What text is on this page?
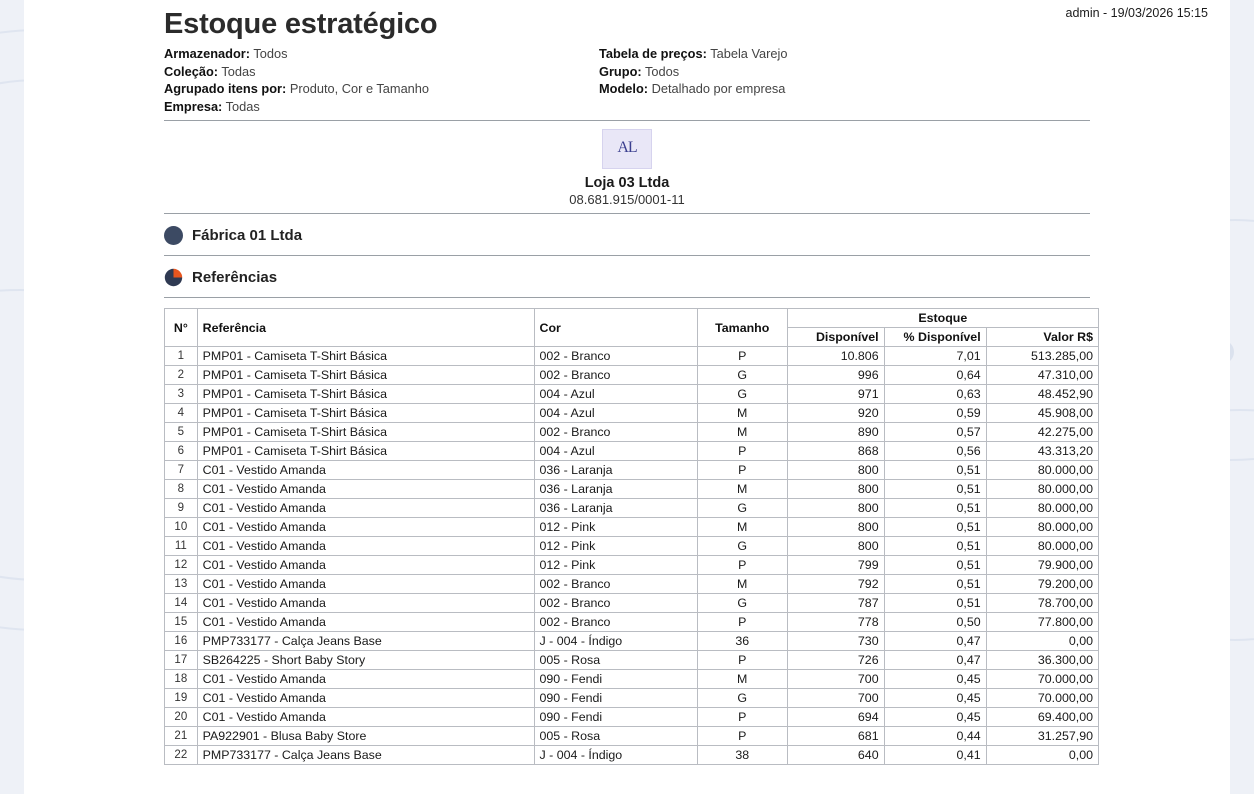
admin - 19/03/2026 15:15
Estoque estratégico
Armazenador: Todos
Coleção: Todas
Agrupado itens por: Produto, Cor e Tamanho
Empresa: Todas
Tabela de preços: Tabela Varejo
Grupo: Todos
Modelo: Detalhado por empresa
AL
Loja 03 Ltda
08.681.915/0001-11
Fábrica 01 Ltda
Referências
N°	Referência	Cor	Tamanho	Estoque		
				Disponível	% Disponível	Valor R$
1	PMP01 - Camiseta T-Shirt Básica	002 - Branco	P	10.806	7,01	513.285,00
2	PMP01 - Camiseta T-Shirt Básica	002 - Branco	G	996	0,64	47.310,00
3	PMP01 - Camiseta T-Shirt Básica	004 - Azul	G	971	0,63	48.452,90
4	PMP01 - Camiseta T-Shirt Básica	004 - Azul	M	920	0,59	45.908,00
5	PMP01 - Camiseta T-Shirt Básica	002 - Branco	M	890	0,57	42.275,00
6	PMP01 - Camiseta T-Shirt Básica	004 - Azul	P	868	0,56	43.313,20
7	C01 - Vestido Amanda	036 - Laranja	P	800	0,51	80.000,00
8	C01 - Vestido Amanda	036 - Laranja	M	800	0,51	80.000,00
9	C01 - Vestido Amanda	036 - Laranja	G	800	0,51	80.000,00
10	C01 - Vestido Amanda	012 - Pink	M	800	0,51	80.000,00
11	C01 - Vestido Amanda	012 - Pink	G	800	0,51	80.000,00
12	C01 - Vestido Amanda	012 - Pink	P	799	0,51	79.900,00
13	C01 - Vestido Amanda	002 - Branco	M	792	0,51	79.200,00
14	C01 - Vestido Amanda	002 - Branco	G	787	0,51	78.700,00
15	C01 - Vestido Amanda	002 - Branco	P	778	0,50	77.800,00
16	PMP733177 - Calça Jeans Base	J - 004 - Índigo	36	730	0,47	0,00
17	SB264225 - Short Baby Story	005 - Rosa	P	726	0,47	36.300,00
18	C01 - Vestido Amanda	090 - Fendi	M	700	0,45	70.000,00
19	C01 - Vestido Amanda	090 - Fendi	G	700	0,45	70.000,00
20	C01 - Vestido Amanda	090 - Fendi	P	694	0,45	69.400,00
21	PA922901 - Blusa Baby Store	005 - Rosa	P	681	0,44	31.257,90
22	PMP733177 - Calça Jeans Base	J - 004 - Índigo	38	640	0,41	0,00
